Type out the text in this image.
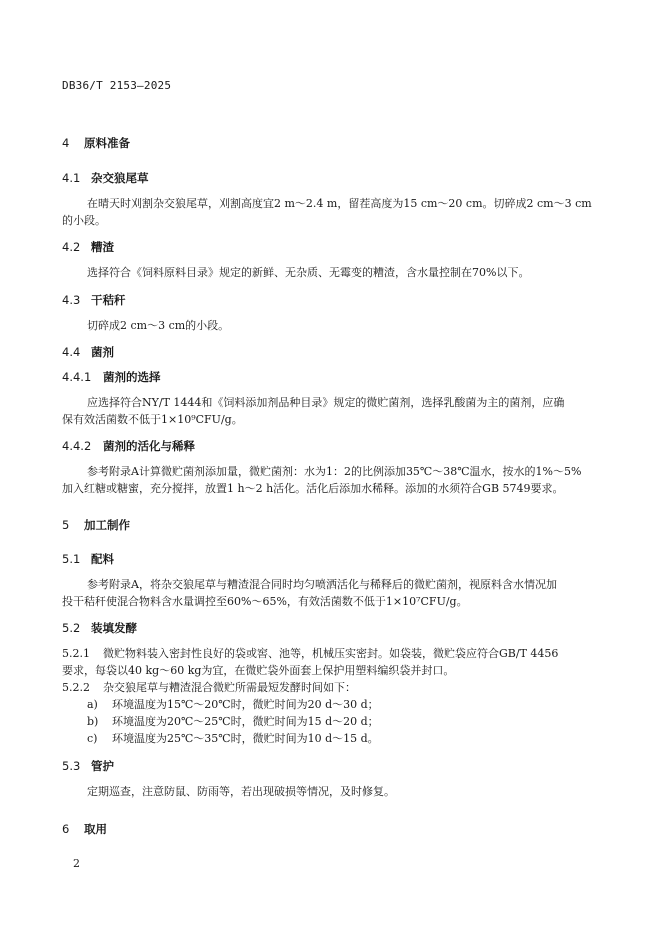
DB36/T 2153—2025
4 原料准备
4.1 杂交狼尾草
在晴天时刈割杂交狼尾草，刈割高度宜2 m～2.4 m，留茬高度为15 cm～20 cm。切碎成2 cm～3 cm
的小段。
4.2 糟渣
选择符合《饲料原料目录》规定的新鲜、无杂质、无霉变的糟渣，含水量控制在70%以下。
4.3 干秸秆
切碎成2 cm～3 cm的小段。
4.4 菌剂
4.4.1 菌剂的选择
应选择符合NY/T 1444和《饲料添加剂品种目录》规定的微贮菌剂，选择乳酸菌为主的菌剂，应确
保有效活菌数不低于1×10⁹CFU/g。
4.4.2 菌剂的活化与稀释
参考附录A计算微贮菌剂添加量，微贮菌剂：水为1：2的比例添加35℃～38℃温水，按水的1%～5%
加入红糖或糖蜜，充分搅拌，放置1 h～2 h活化。活化后添加水稀释。添加的水须符合GB 5749要求。
5 加工制作
5.1 配料
参考附录A，将杂交狼尾草与糟渣混合同时均匀喷洒活化与稀释后的微贮菌剂，视原料含水情况加
投干秸秆使混合物料含水量调控至60%～65%，有效活菌数不低于1×10⁷CFU/g。
5.2 装填发酵
5.2.1 微贮物料装入密封性良好的袋或窖、池等，机械压实密封。如袋装，微贮袋应符合GB/T 4456
要求，每袋以40 kg～60 kg为宜，在微贮袋外面套上保护用塑料编织袋并封口。
5.2.2 杂交狼尾草与糟渣混合微贮所需最短发酵时间如下：
a) 环境温度为15℃～20℃时，微贮时间为20 d～30 d；
b) 环境温度为20℃～25℃时，微贮时间为15 d～20 d；
c) 环境温度为25℃～35℃时，微贮时间为10 d～15 d。
5.3 管护
定期巡查，注意防鼠、防雨等，若出现破损等情况，及时修复。
6 取用
2
